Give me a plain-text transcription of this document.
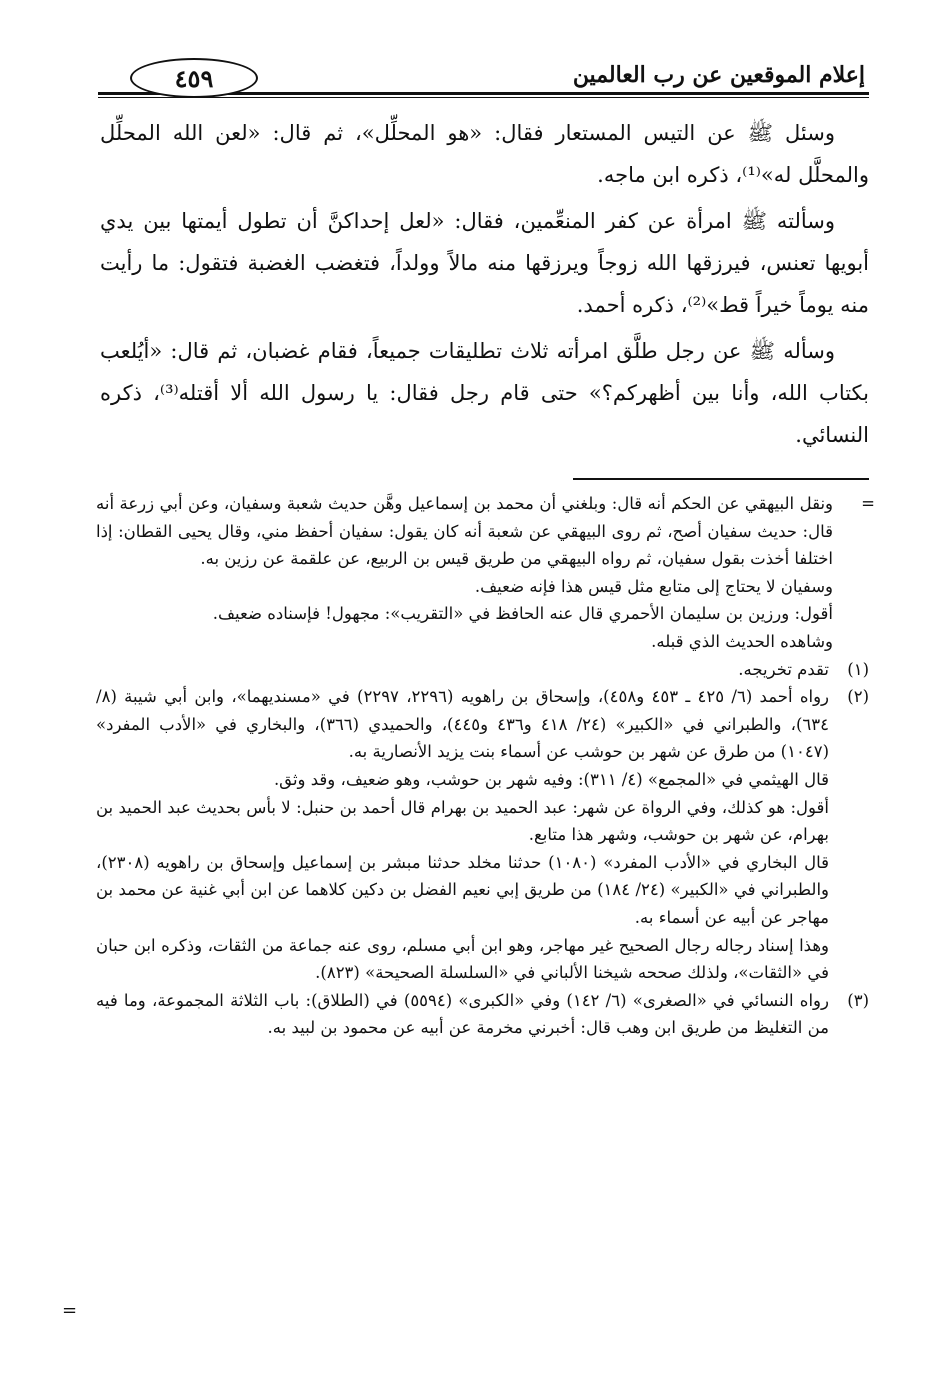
إعلام الموقعين عن رب العالمين
٤٥٩

وسئل ﷺ عن التيس المستعار فقال: «هو المحلِّل»، ثم قال: «لعن الله المحلِّل والمحلَّل له»⁽¹⁾، ذكره ابن ماجه.

وسألته ﷺ امرأة عن كفر المنعِّمين، فقال: «لعل إحداكنَّ أن تطول أيمتها بين يدي أبويها تعنس، فيرزقها الله زوجاً ويرزقها منه مالاً وولداً، فتغضب الغضبة فتقول: ما رأيت منه يوماً خيراً قط»⁽²⁾، ذكره أحمد.

وسأله ﷺ عن رجل طلَّق امرأته ثلاث تطليقات جميعاً، فقام غضبان، ثم قال: «أيُلعب بكتاب الله، وأنا بين أظهركم؟» حتى قام رجل فقال: يا رسول الله ألا أقتله⁽³⁾، ذكره النسائي.

=

ونقل البيهقي عن الحكم أنه قال: وبلغني أن محمد بن إسماعيل وهَّن حديث شعبة وسفيان، وعن أبي زرعة أنه قال: حديث سفيان أصح، ثم روى البيهقي عن شعبة أنه كان يقول: سفيان أحفظ مني، وقال يحيى القطان: إذا اختلفا أخذت بقول سفيان، ثم رواه البيهقي من طريق قيس بن الربيع، عن علقمة عن رزين به.

وسفيان لا يحتاج إلى متابع مثل قيس هذا فإنه ضعيف.

أقول: ورزين بن سليمان الأحمري قال عنه الحافظ في «التقريب»: مجهول! فإسناده ضعيف.

وشاهده الحديث الذي قبله.

(١)

تقدم تخريجه.

(٢)

رواه أحمد (٦/ ٤٢٥ ـ ٤٥٣ و٤٥٨)، وإسحاق بن راهويه (٢٢٩٦، ٢٢٩٧) في «مسنديهما»، وابن أبي شيبة (٨/ ٦٣٤)، والطبراني في «الكبير» (٢٤/ ٤١٨ و٤٣٦ و٤٤٥)، والحميدي (٣٦٦)، والبخاري في «الأدب المفرد» (١٠٤٧) من طرق عن شهر بن حوشب عن أسماء بنت يزيد الأنصارية به.

قال الهيثمي في «المجمع» (٤/ ٣١١): وفيه شهر بن حوشب، وهو ضعيف، وقد وثق.

أقول: هو كذلك، وفي الرواة عن شهر: عبد الحميد بن بهرام قال أحمد بن حنبل: لا بأس بحديث عبد الحميد بن بهرام، عن شهر بن حوشب، وشهر هذا متابع.

قال البخاري في «الأدب المفرد» (١٠٨٠) حدثنا مخلد حدثنا مبشر بن إسماعيل وإسحاق بن راهويه (٢٣٠٨)، والطبراني في «الكبير» (٢٤/ ١٨٤) من طريق إبي نعيم الفضل بن دكين كلاهما عن ابن أبي غنية عن محمد بن مهاجر عن أبيه عن أسماء به.

وهذا إسناد رجاله رجال الصحيح غير مهاجر، وهو ابن أبي مسلم، روى عنه جماعة من الثقات، وذكره ابن حبان في «الثقات»، ولذلك صححه شيخنا الألباني في «السلسلة الصحيحة» (٨٢٣).

(٣)

رواه النسائي في «الصغرى» (٦/ ١٤٢) وفي «الكبرى» (٥٥٩٤) في (الطلاق): باب الثلاثة المجموعة، وما فيه من التغليظ من طريق ابن وهب قال: أخبرني مخرمة عن أبيه عن محمود بن لبيد به.

=
